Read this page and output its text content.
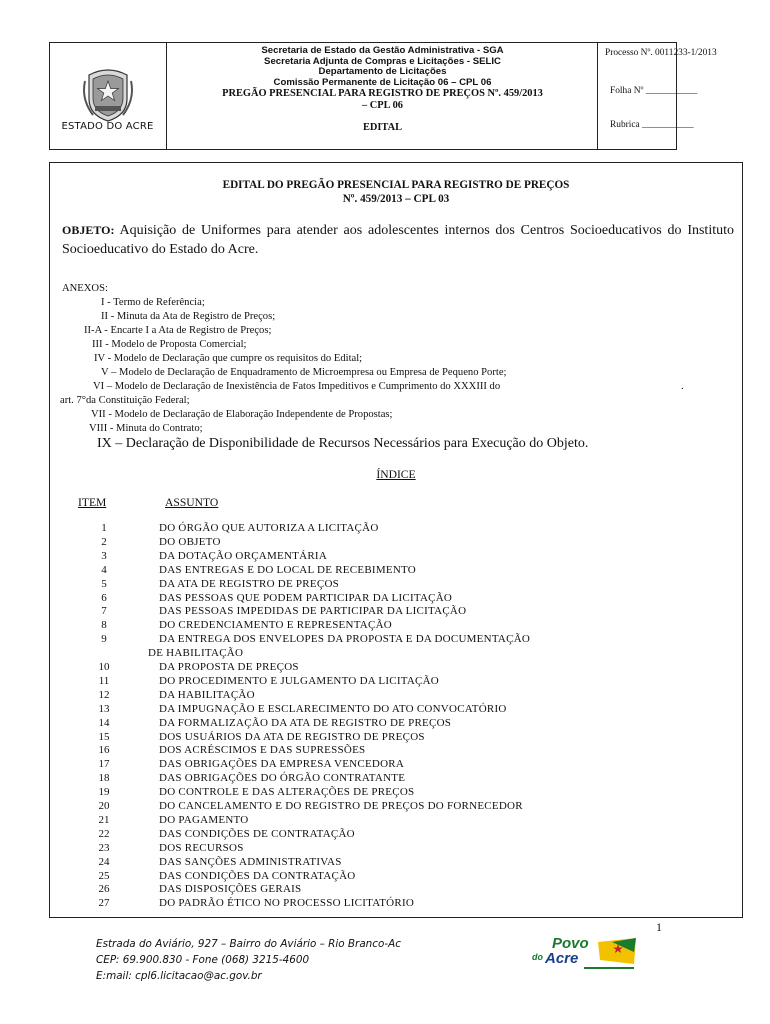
ESTADO DO ACRE
Secretaria de Estado da Gestão Administrativa - SGA
Secretaria Adjunta de Compras e Licitações - SELIC
Departamento de Licitações
Comissão Permanente de Licitação 06 – CPL 06
PREGÃO PRESENCIAL PARA REGISTRO DE PREÇOS Nº. 459/2013
– CPL 06
EDITAL
Processo Nº. 0011233-1/2013
Folha Nº ___________
Rubrica ___________
EDITAL DO PREGÃO PRESENCIAL PARA REGISTRO DE PREÇOS
Nº. 459/2013 – CPL 03
OBJETO: Aquisição de Uniformes para atender aos adolescentes internos dos Centros Socioeducativos do Instituto Socioeducativo do Estado do Acre.
ANEXOS:
I - Termo de Referência;
II - Minuta da Ata de Registro de Preços;
II-A - Encarte I a Ata de Registro de Preços;
III - Modelo de Proposta Comercial;
IV - Modelo de Declaração que cumpre os requisitos do Edital;
V – Modelo de Declaração de Enquadramento de Microempresa ou Empresa de Pequeno Porte;
VI – Modelo de Declaração de Inexistência de Fatos Impeditivos e Cumprimento do XXXIII do	.
art. 7°da Constituição Federal;
VII - Modelo de Declaração de Elaboração Independente de Propostas;
VIII - Minuta do Contrato;
IX – Declaração de Disponibilidade de Recursos Necessários para Execução do Objeto.
ÍNDICE
ITEM	ASSUNTO
1	DO ÓRGÃO QUE AUTORIZA A LICITAÇÃO
2	DO OBJETO
3	DA DOTAÇÃO ORÇAMENTÁRIA
4	DAS ENTREGAS E DO LOCAL DE RECEBIMENTO
5	DA ATA DE REGISTRO DE PREÇOS
6	DAS PESSOAS QUE PODEM PARTICIPAR DA LICITAÇÃO
7	DAS PESSOAS IMPEDIDAS DE PARTICIPAR DA LICITAÇÃO
8	DO CREDENCIAMENTO E REPRESENTAÇÃO
9	DA ENTREGA DOS ENVELOPES DA PROPOSTA E DA DOCUMENTAÇÃO
DE HABILITAÇÃO
10	DA PROPOSTA DE PREÇOS
11	DO PROCEDIMENTO E JULGAMENTO DA LICITAÇÃO
12	DA HABILITAÇÃO
13	DA IMPUGNAÇÃO E ESCLARECIMENTO DO ATO CONVOCATÓRIO
14	DA FORMALIZAÇÃO DA ATA DE REGISTRO DE PREÇOS
15	DOS USUÁRIOS DA ATA DE REGISTRO DE PREÇOS
16	DOS ACRÉSCIMOS E DAS SUPRESSÕES
17	DAS OBRIGAÇÕES DA EMPRESA VENCEDORA
18	DAS OBRIGAÇÕES DO ÓRGÃO CONTRATANTE
19	DO CONTROLE E DAS ALTERAÇÕES DE PREÇOS
20	DO CANCELAMENTO E DO REGISTRO DE PREÇOS DO FORNECEDOR
21	DO PAGAMENTO
22	DAS CONDIÇÕES DE CONTRATAÇÃO
23	DOS RECURSOS
24	DAS SANÇÕES ADMINISTRATIVAS
25	DAS CONDIÇÕES DA CONTRATAÇÃO
26	DAS DISPOSIÇÕES GERAIS
27	DO PADRÃO ÉTICO NO PROCESSO LICITATÓRIO
1
Estrada do Aviário, 927 – Bairro do Aviário – Rio Branco-Ac
CEP: 69.900.830 - Fone (068) 3215-4600
E:mail: cpl6.licitacao@ac.gov.br
Povo
do Acre
